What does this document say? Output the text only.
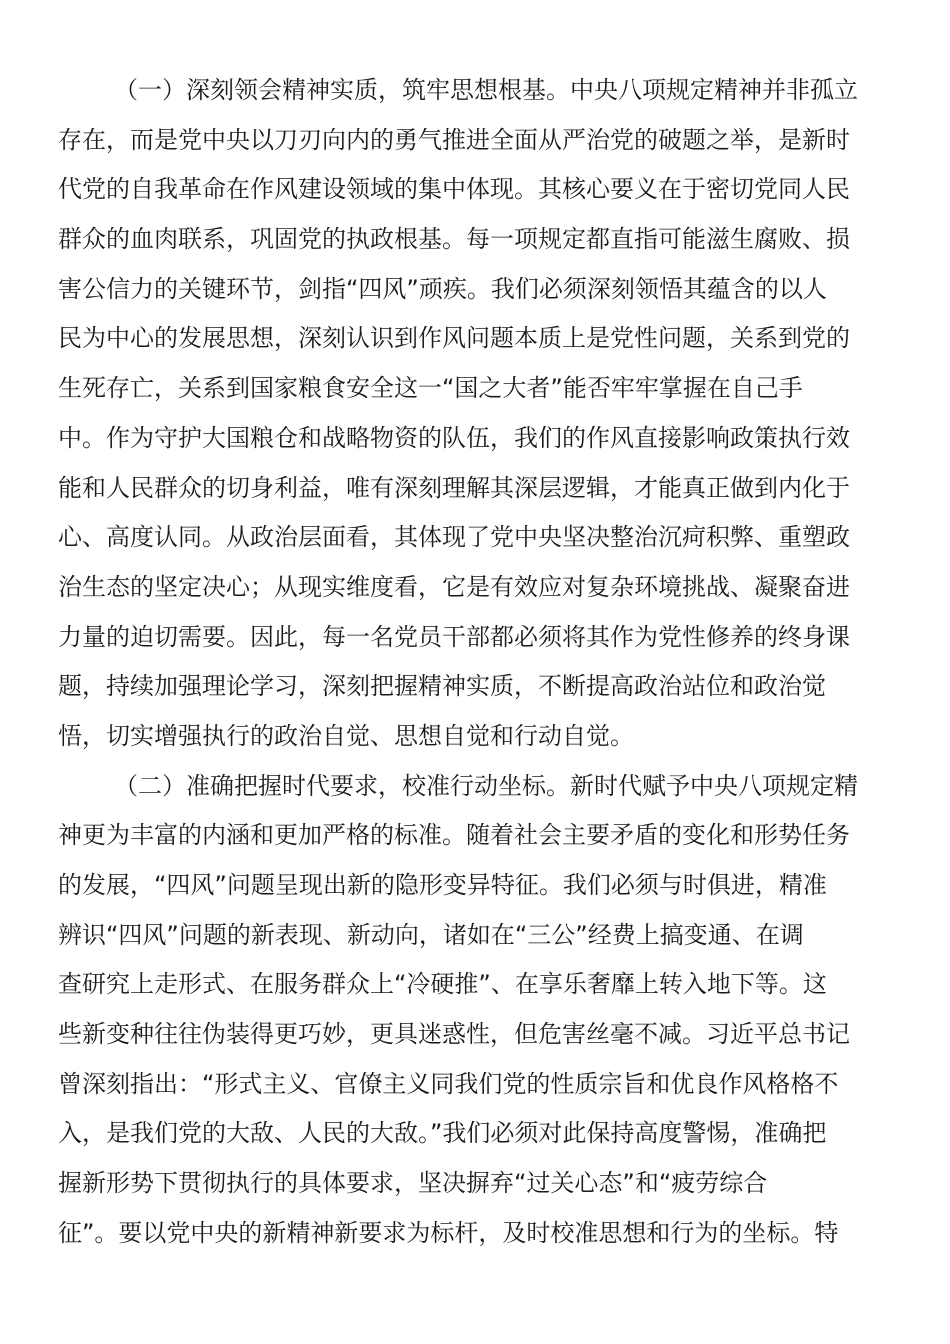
（一）深刻领会精神实质，筑牢思想根基。中央八项规定精神并非孤立
存在，而是党中央以刀刃向内的勇气推进全面从严治党的破题之举，是新时
代党的自我革命在作风建设领域的集中体现。其核心要义在于密切党同人民
群众的血肉联系，巩固党的执政根基。每一项规定都直指可能滋生腐败、损
害公信力的关键环节，剑指“四风”顽疾。我们必须深刻领悟其蕴含的以人
民为中心的发展思想，深刻认识到作风问题本质上是党性问题，关系到党的
生死存亡，关系到国家粮食安全这一“国之大者”能否牢牢掌握在自己手
中。作为守护大国粮仓和战略物资的队伍，我们的作风直接影响政策执行效
能和人民群众的切身利益，唯有深刻理解其深层逻辑，才能真正做到内化于
心、高度认同。从政治层面看，其体现了党中央坚决整治沉疴积弊、重塑政
治生态的坚定决心；从现实维度看，它是有效应对复杂环境挑战、凝聚奋进
力量的迫切需要。因此，每一名党员干部都必须将其作为党性修养的终身课
题，持续加强理论学习，深刻把握精神实质，不断提高政治站位和政治觉
悟，切实增强执行的政治自觉、思想自觉和行动自觉。
（二）准确把握时代要求，校准行动坐标。新时代赋予中央八项规定精
神更为丰富的内涵和更加严格的标准。随着社会主要矛盾的变化和形势任务
的发展，“四风”问题呈现出新的隐形变异特征。我们必须与时俱进，精准
辨识“四风”问题的新表现、新动向，诸如在“三公”经费上搞变通、在调
查研究上走形式、在服务群众上“冷硬推”、在享乐奢靡上转入地下等。这
些新变种往往伪装得更巧妙，更具迷惑性，但危害丝毫不减。习近平总书记
曾深刻指出：“形式主义、官僚主义同我们党的性质宗旨和优良作风格格不
入，是我们党的大敌、人民的大敌。”我们必须对此保持高度警惕，准确把
握新形势下贯彻执行的具体要求，坚决摒弃“过关心态”和“疲劳综合
征”。要以党中央的新精神新要求为标杆，及时校准思想和行为的坐标。特
